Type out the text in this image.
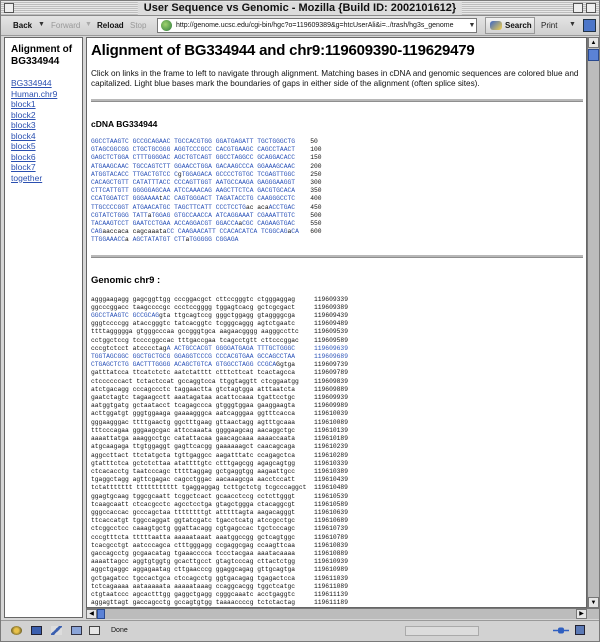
User Sequence vs Genomic - Mozilla {Build ID: 2002101612}
Back ▼ Forward ▼ Reload Stop	http://genome.ucsc.edu/cgi-bin/hgc?o=119609389&g=htcUserAli&i=../trash/hg3s_genome	▼	Search	Print ▼
Alignment of BG334944
BG334944
Human.chr9
block1
block2
block3
block4
block5
block6
block7
together
Alignment of BG334944 and chr9:119609390-119629479

Click on links in the frame to left to navigate through alignment. Matching bases in cDNA and genomic sequences are colored blue and capitalized. Light blue bases mark the boundaries of gaps in either side of the alignment (often splice sites).

cDNA BG334944
GGCCTAAGTC GCCGCAGAAC TGCCACGTGG GGATGAGATT TGCTGGGCTG 50
GTAGCGGCGG CTGCTGCGGG AGGTCCCGCC CACGTGAAGC CAGCCTAACT 100
GAGCTCTGGA CTTTGGGGAC AGCTGTCAGT GGCCTAGGCC GCAGGACACC 150
ATGAAGCAAC TGCCAGTCTT GGAACCTGGA GACAAGCCCA GGAAAGCAAC 200
ATGGTACACC TTGACTGTCC CgTGGAGACA GCCCCTGTGC TCGAGTTGGC 250
CACAGCTGTT CATATTTACC CCCAGTTGGT AATGCCAAGA GAGGGAAGGT 300
CTTCATTGTT GGGGGAGCAA ATCCAAACAG AAGCTTCTCA GACGTGCACA 350
CCATGGATCT GGGAAAAtAC CAGTGGGACT TAGATACCTG CAAGGGCCTC 400
TTGCCCCGGT ATGAACATGC TAGCTTCATT CCCTCCTGac acaACCTGAC 450
CGTATCTGGG TATTaTGGAG GTGCCAACCA ATCAGGAAAT CGAAATTGTC 500
TACAAGTCCT GAATCCTGAA ACCAGGACGT GGACCAaCGC CAGAAGTGAC 550
CAGaaccaca cagcaaataCC CAAGAACATT CCACACATCA TCGGCAGaCA 600
TTGGAAACCa AGCTATATGT CTTaTGGGGG CGGAGA

Genomic chr9 :
agggaagagg gagcggttgg cccggacgct cttccgggtc ctgggaggag	119609339
ggcccggacc taagccccgc ccctccgggg tggagtcacg gctcgcgact	119609389
GGCCTAAGTC GCCGCAGgta ttgcagtccg gggctggagg gtaggggcga	119609439
gggtccccgg ataccgggtc tatcacggtc tcgggcaggg agtctgaatc	119609489
ttttaggggga gtgggcccaa gccgggtgca aagaacgggg aagggccttc 119609539
cctggctccg tccccggccac tttgaccgaa tcagcctgtt cttcccggac 119609589
cccgtctcct atcccctagA ACTGCCACGT GGGGATGAGA TTTGCTGGGC	119609639
TGGTAGCGGC GGCTGCTGCG GGAGGTCCCG CCCACGTGAA GCCAGCCTAA	119609689
CTGAGCTCTG GACTTTGGGG ACAGCTGTCA GTGGCCTAGG CCGCAGgtga	119609739
gatttatcca ttcatctctc aatctatttt ctttcttcat tcactagcca	119609789
ctccccccact tctactccat gccaggtcca ttggtaggtt ctcggaatgg 119609839
atctgacagg cccagccctc taggaactta gtctagtgga atttaatcta	119609889
gaatctagtc tagaagcctt aaatagataa acattccaaa tgattcctgc	119609939
aatggtgatg gctaatacct tcagagccca gtgggtggaa gaaggaagta	119609989
acttggatgt gggtggaaga gaaaagggca aatcagggaa ggtttcacca	119610039
gggaagggac ttttgaactg ggctttgaag gttaactagg agtttgcaaa	119610089
tttcccagaa gggaagcgac attccaaata ggggaagcag aacaggctgc	119610139
aaaattatga aaaggcctgc catattacaa gaacagcaaa aaaaccaata	119610189
atgcaagaga ttgtggaggt gagttcacgg gaaaaaagct caacagcaga	119610239
aggccttact ttctatgcta tgttgaggcc aagatttatc ccagagctca	119610289
gtatttctca gctctcttaa atattttgtc ctttgagcgg agagcagtgg	119610339
ctcacacctg taatcccagc tttttaggag gctgaggtgg aagaattgcc	119610389
tgaggctagg agttcgagac cagcctggac aacaaagcga aacctccatt	119610439
tctattttttt ttttttttttt tgaggaggag tcttgctctg tcgcccaggct 119610489
ggagtgcaag tggcgcaatt tcggctcact gcaacctccg cctcttgggt	119610539
tcaagcaatt ctcacgcctc agcctcctga gtagctggga ctacaggcgt	119610589
gggccaccac gcccagctaa ttttttttgt atttttagta aagacagggt	119610639
ttcaccatgt tggccaggat ggtatcgatc tgacctcatg atccgcctgc	119610689
ctcggcctcc caaagtgctg ggattacagg cgtgagccac tgctcccagc	119610739
cccgtttcta tttttaatta aaaaataaat aaatggccgg gctcagtggc	119610789
tcacgcctgt aatcccagca ctttgggagg ccgaggcgag ccaagttcaa	119610839
gaccagcctg gcgaacatag tgaaacccca tccctacgaa aaatacaaaa	119610889
aaaattagcc aggtgtggtg gcacttgcct gtagtcccag cttactctgg	119610939
aggctgaggc aggagaatag cttgaacccg ggaggcagag gttgcagtga	119610989
gctgagatcc tgccactgca ctccagcctg ggtgacagag tgagactcca	119611039
tctcagaaaa aataaaaata aaaaataaag ccaggcacgg tggctcatgc	119611089
ctgtaatccc agcactttgg gaggctgagg cgggcaaatc acctgaggtc	119611139
aggagttagt gaccagcctg gccagtgtgg taaaaccccg tctctactag	119611189

▲
▼
◀	▶
Done
